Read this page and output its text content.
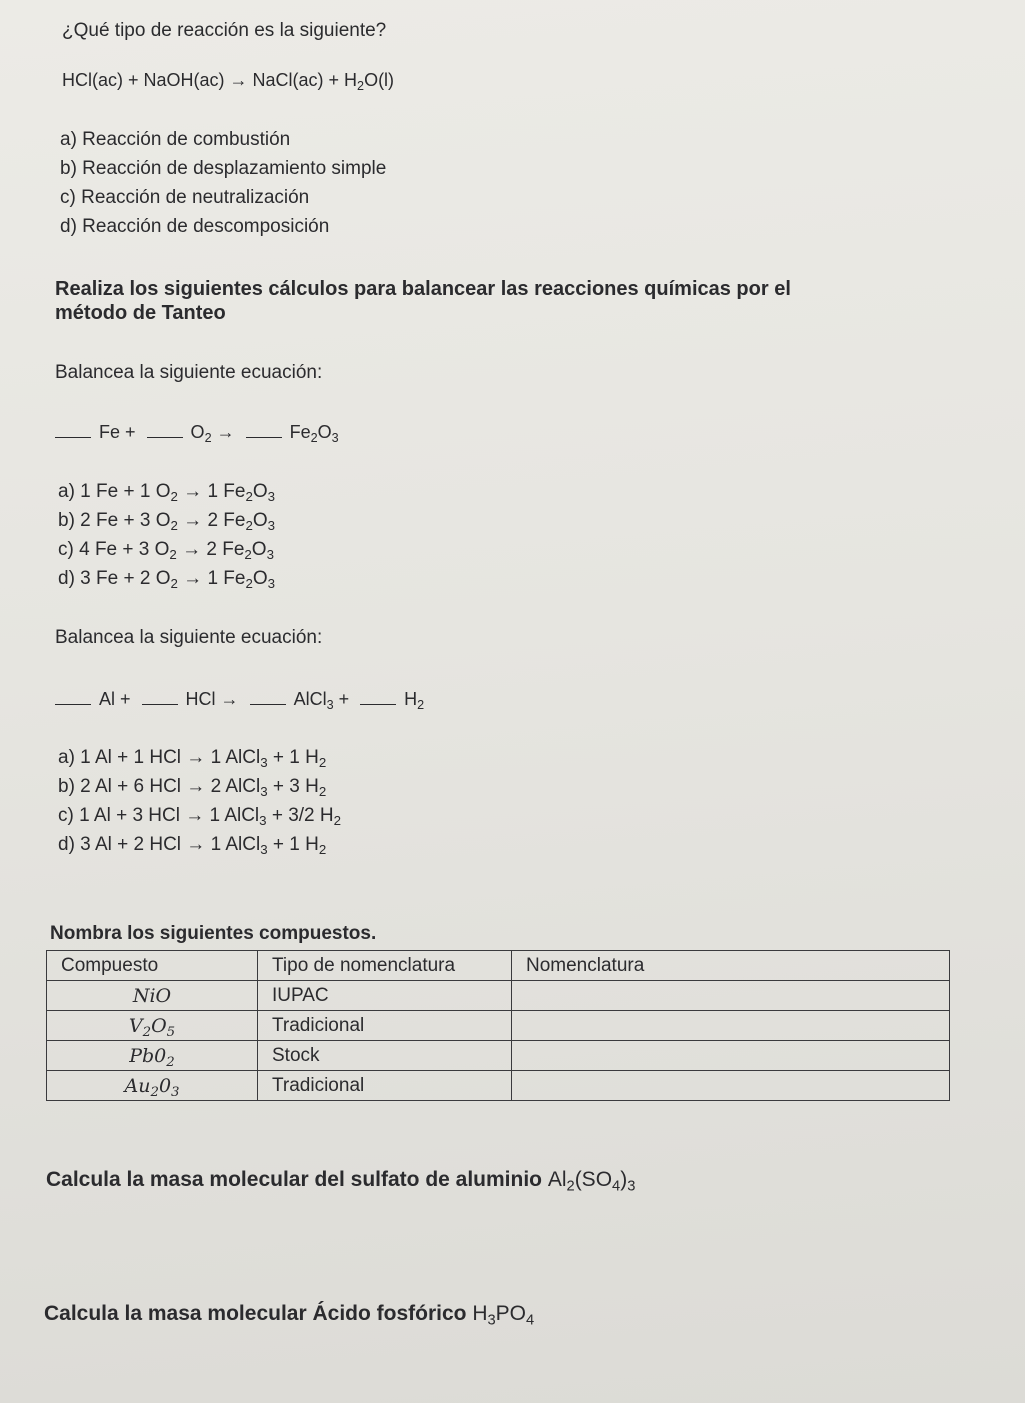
¿Qué tipo de reacción es la siguiente?
HCl(ac) + NaOH(ac) → NaCl(ac) + $H_2O(l)$
a) Reacción de combustión
b) Reacción de desplazamiento simple
c) Reacción de neutralización
d) Reacción de descomposición
Realiza los siguientes cálculos para balancear las reacciones químicas por el
método de Tanteo
Balancea la siguiente ecuación:
Fe +	$O_2$ →	$Fe_2O_3$
a) 1 Fe + 1 $O_2 \to 1$ $Fe_2O_3$
b) 2 Fe + 3 $O_2 \to 2$ $Fe_2O_3$
c) 4 Fe + 3 $O_2 \to 2$ $Fe_2O_3$
d) 3 Fe + 2 $O_2 \to 1$ $Fe_2O_3$
Balancea la siguiente ecuación:
Al +	HCl →	AlCl$_3$ +	$H_2$
a) 1 Al + 1 HCl → 1 AlCl$_3$ + 1 $H_2$
b) 2 Al + 6 HCl → 2 AlCl$_3$ + 3 $H_2$
c) 1 Al + 3 HCl → 1 AlCl$_3$ + 3/2 $H_2$
d) 3 Al + 2 HCl → 1 AlCl$_3$ + 1 $H_2$
Nombra los siguientes compuestos.
Compuesto	Tipo de nomenclatura	Nomenclatura
NiO	IUPAC	
$V_2O_5$	Tradicional	
$Pb0_2$	Stock	
$Au_20_3$	Tradicional	
Calcula la masa molecular del sulfato de aluminio $Al_2(SO_4)_3$
Calcula la masa molecular Ácido fosfórico $H_3PO_4$
